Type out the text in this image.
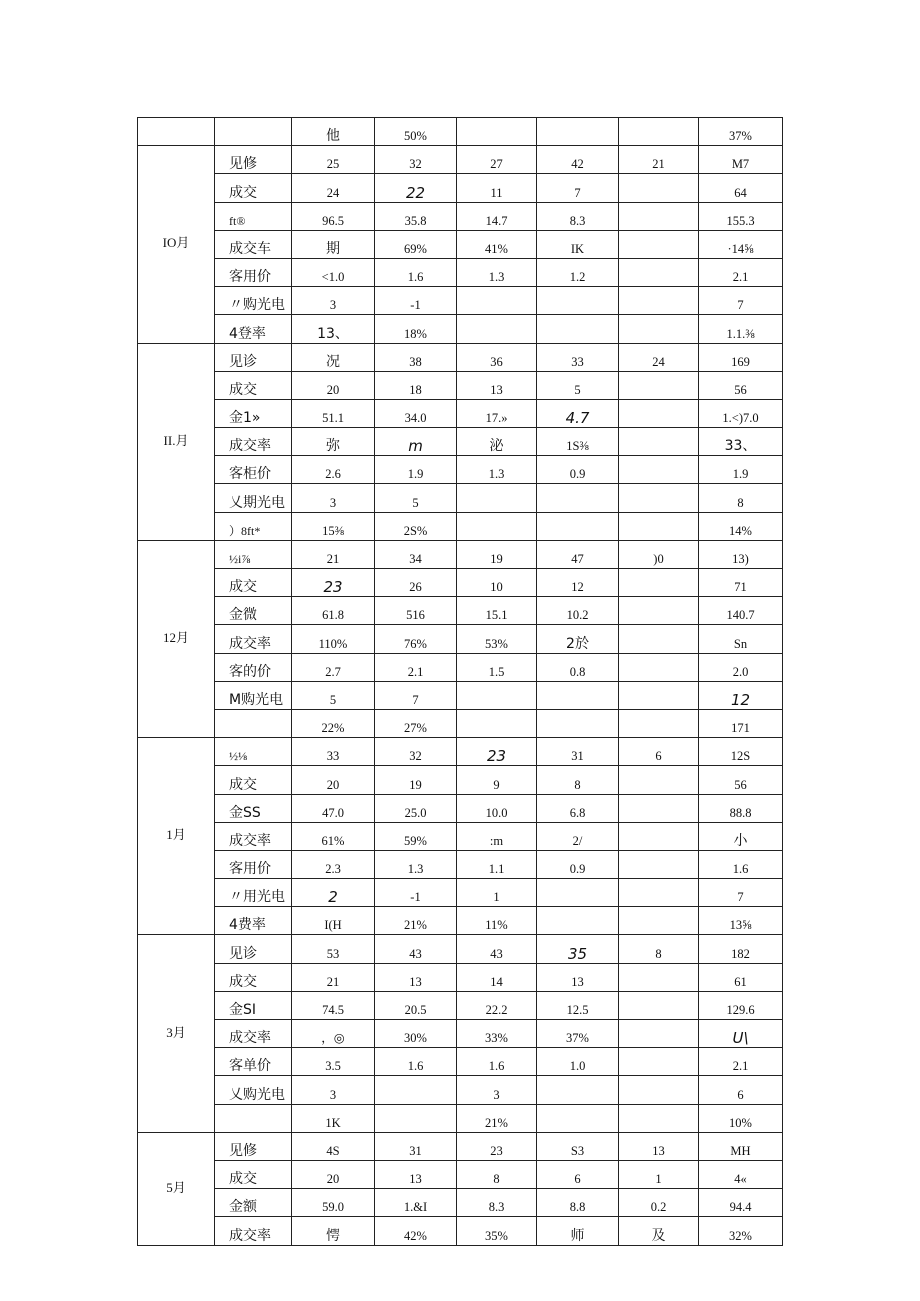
		他	50%				37%
IO月	见修	25	32	27	42	21	M7
	成交	24	22	11	7		64
	ft®	96.5	35.8	14.7	8.3		155.3
	成交车	期	69%	41%	IK		·14⅝
	客用价	<1.0	1.6	1.3	1.2		2.1
	〃购光电	3	-1				7
	4登率	13、	18%				1.1.⅜
II.月	见诊	况	38	36	33	24	169
	成交	20	18	13	5		56
	金1»	51.1	34.0	17.»	4.7		1.<)7.0
	成交率	弥	m	泌	1S⅜		33、
	客柜价	2.6	1.9	1.3	0.9		1.9
	乂期光电	3	5				8
	）8ft*	15⅜	2S%				14%
12月	½i⅞	21	34	19	47	)0	13)
	成交	23	26	10	12		71
	金微	61.8	516	15.1	10.2		140.7
	成交率	110%	76%	53%	2於		Sn
	客的价	2.7	2.1	1.5	0.8		2.0
	M购光电	5	7				12
		22%	27%				171
1月	½⅛	33	32	23	31	6	12S
	成交	20	19	9	8		56
	金SS	47.0	25.0	10.0	6.8		88.8
	成交率	61%	59%	:m	2/		小
	客用价	2.3	1.3	1.1	0.9		1.6
	〃用光电	2	-1	1			7
	4费率	I(H	21%	11%			13⅝
3月	见诊	53	43	43	35	8	182
	成交	21	13	14	13		61
	金SI	74.5	20.5	22.2	12.5		129.6
	成交率	，◎	30%	33%	37%		U\
	客单价	3.5	1.6	1.6	1.0		2.1
	乂购光电	3		3			6
		1K		21%			10%
5月	见修	4S	31	23	S3	13	MH
	成交	20	13	8	6	1	4«
	金额	59.0	1.&I	8.3	8.8	0.2	94.4
	成交率	愕	42%	35%	师	及	32%
